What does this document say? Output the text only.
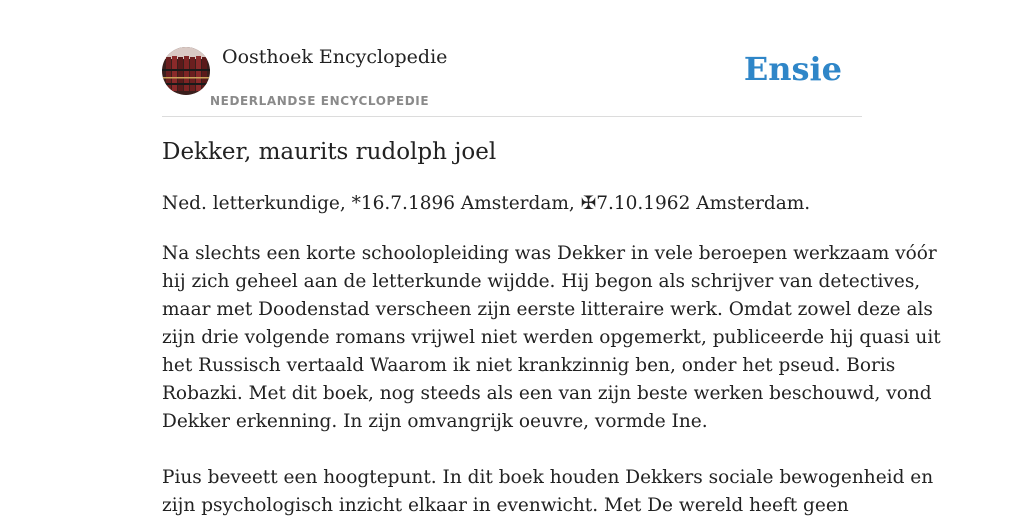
Oosthoek Encyclopedie
NEDERLANDSE ENCYCLOPEDIE
Ensie
Dekker, maurits rudolph joel

Ned. letterkundige, *16.7.1896 Amsterdam, ✠7.10.1962 Amsterdam.

Na slechts een korte schoolopleiding was Dekker in vele beroepen werkzaam vóór
hij zich geheel aan de letterkunde wijdde. Hij begon als schrijver van detectives,
maar met Doodenstad verscheen zijn eerste litteraire werk. Omdat zowel deze als
zijn drie volgende romans vrijwel niet werden opgemerkt, publiceerde hij quasi uit
het Russisch vertaald Waarom ik niet krankzinnig ben, onder het pseud. Boris
Robazki. Met dit boek, nog steeds als een van zijn beste werken beschouwd, vond
Dekker erkenning. In zijn omvangrijk oeuvre, vormde Ine.

Pius beveett een hoogtepunt. In dit boek houden Dekkers sociale bewogenheid en
zijn psychologisch inzicht elkaar in evenwicht. Met De wereld heeft geen
